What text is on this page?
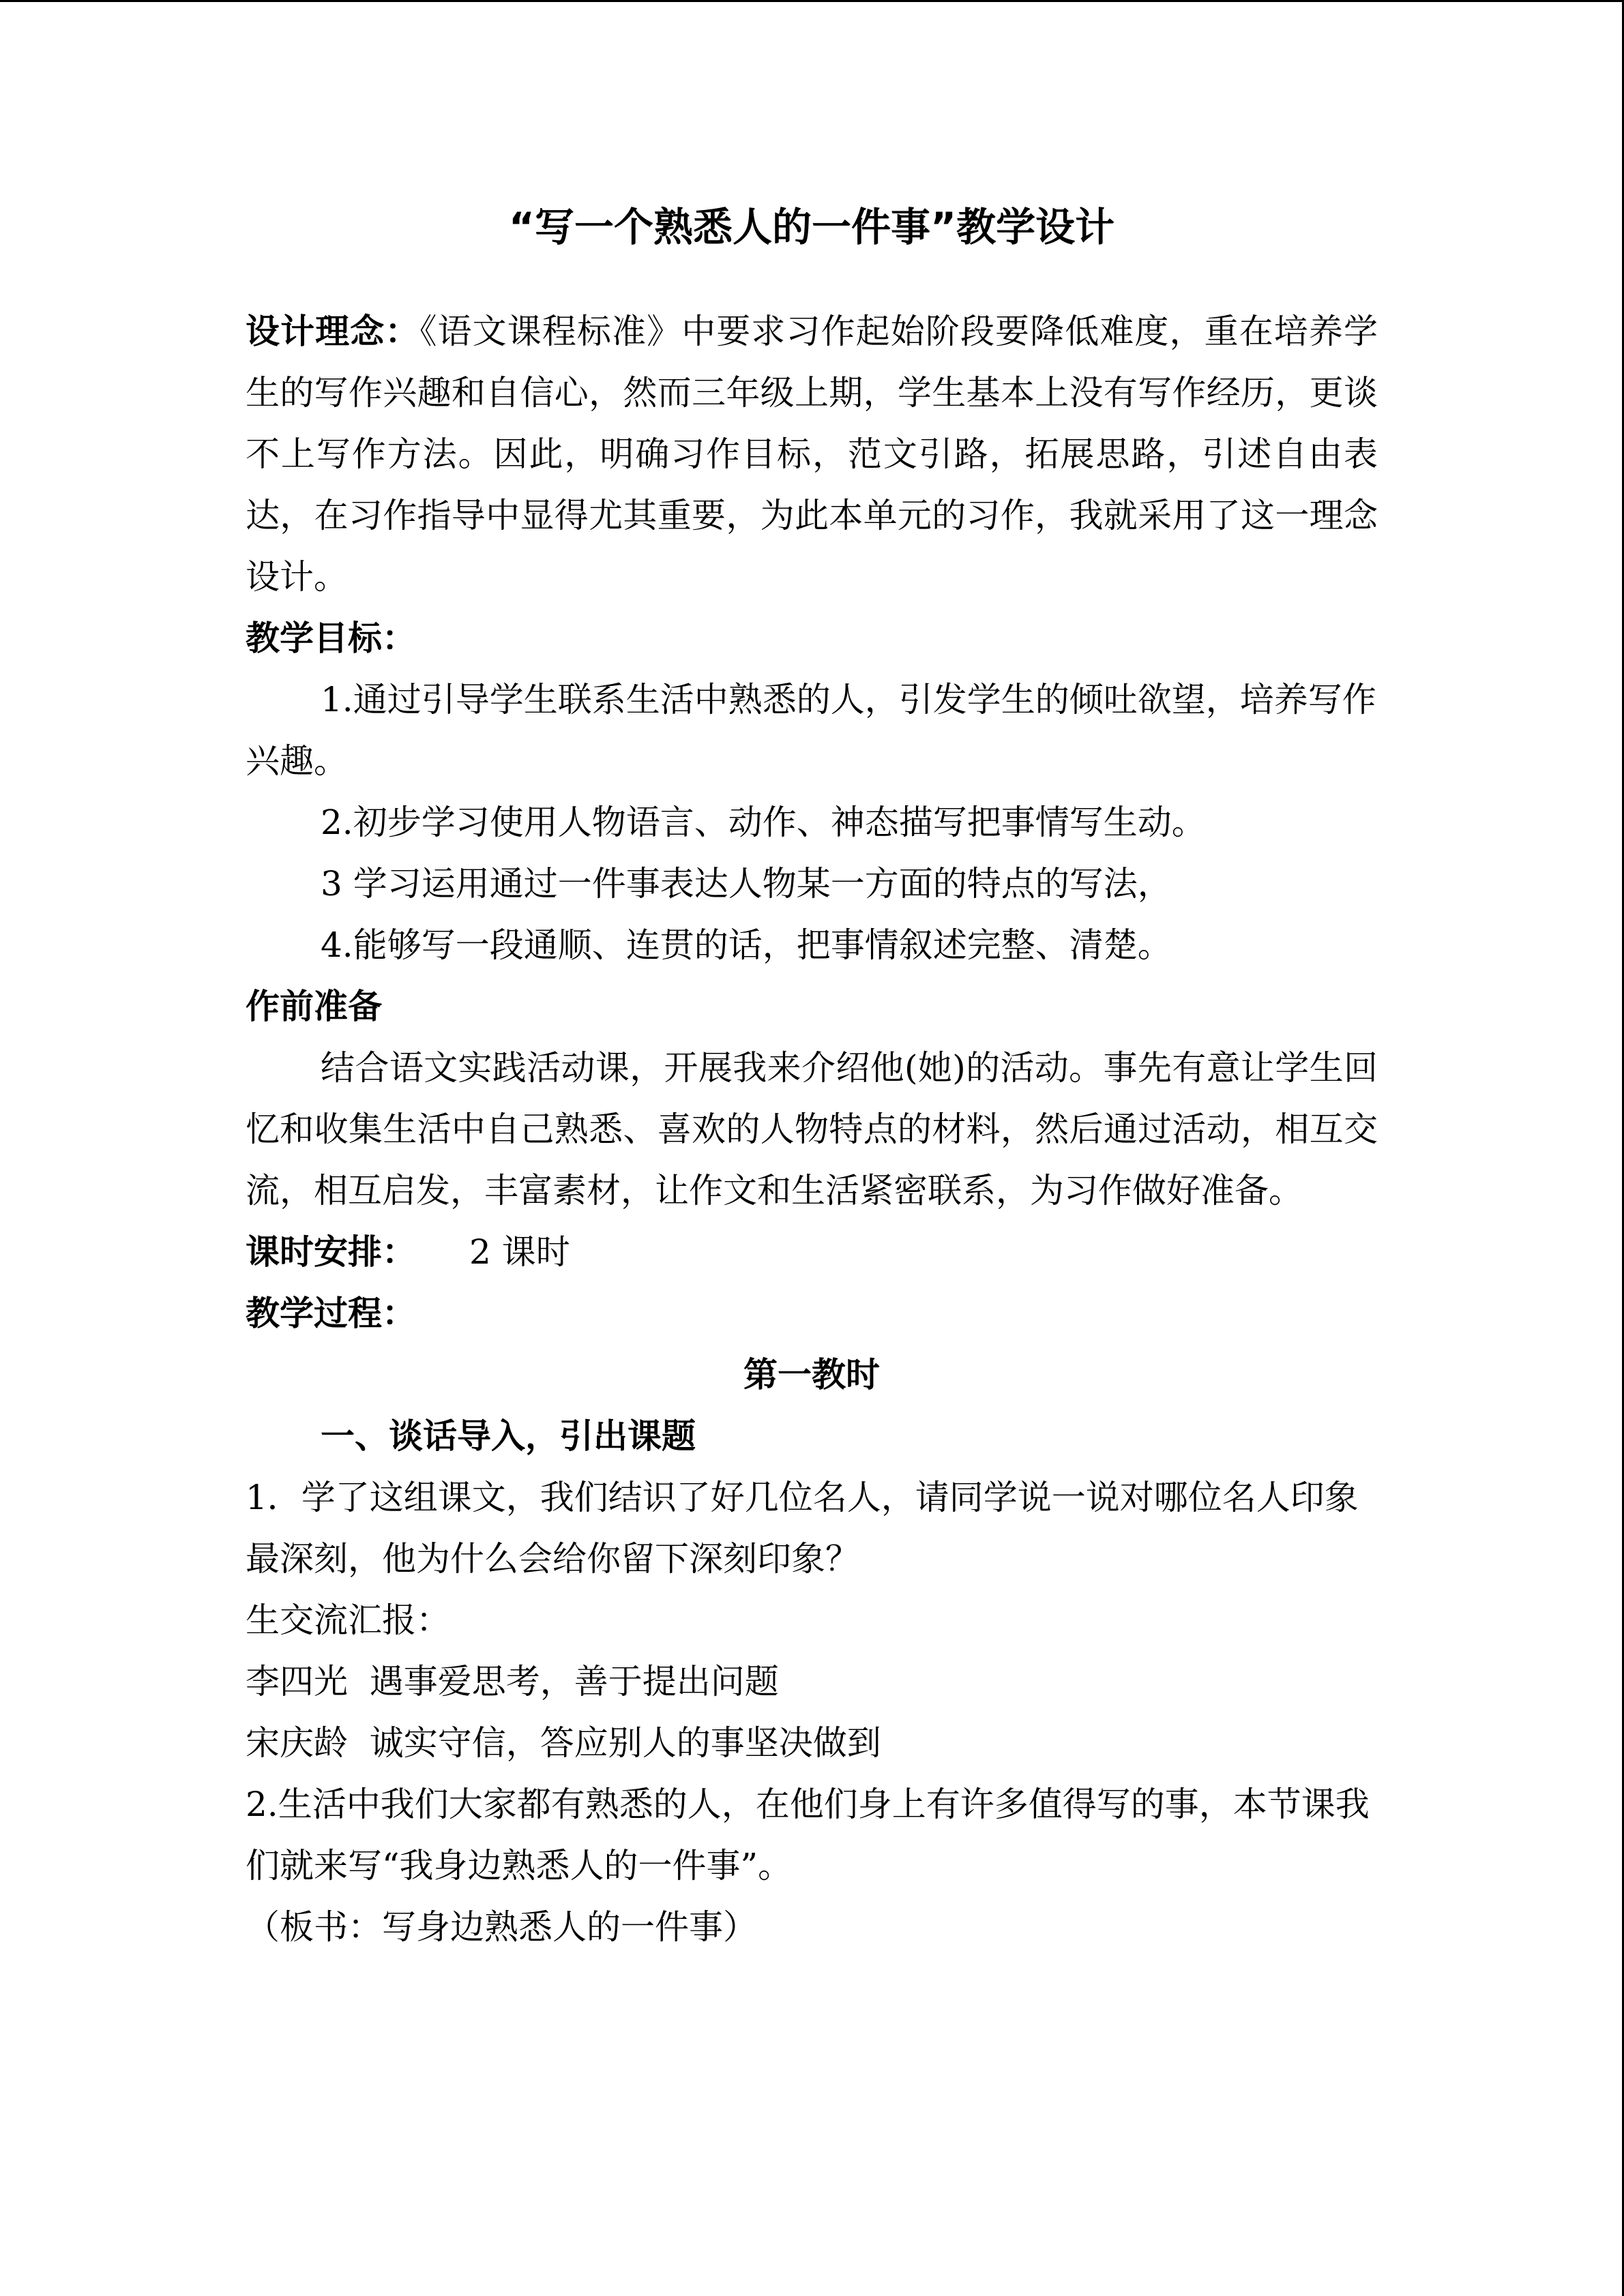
“写一个熟悉人的一件事”教学设计

设计理念：《语文课程标准》中要求习作起始阶段要降低难度，重在培养学生的写作兴趣和自信心，然而三年级上期，学生基本上没有写作经历，更谈不上写作方法。因此，明确习作目标，范文引路，拓展思路，引述自由表达，在习作指导中显得尤其重要，为此本单元的习作，我就采用了这一理念设计。

教学目标：

1.通过引导学生联系生活中熟悉的人，引发学生的倾吐欲望，培养写作兴趣。

2.初步学习使用人物语言、动作、神态描写把事情写生动。

3 学习运用通过一件事表达人物某一方面的特点的写法，

4.能够写一段通顺、连贯的话，把事情叙述完整、清楚。

作前准备

结合语文实践活动课，开展我来介绍他(她)的活动。事先有意让学生回忆和收集生活中自己熟悉、喜欢的人物特点的材料，然后通过活动，相互交流，相互启发，丰富素材，让作文和生活紧密联系，为习作做好准备。

课时安排： 2 课时

教学过程：

第一教时

一、谈话导入，引出课题

1．学了这组课文，我们结识了好几位名人，请同学说一说对哪位名人印象最深刻，他为什么会给你留下深刻印象？

生交流汇报：

李四光  遇事爱思考，善于提出问题

宋庆龄  诚实守信，答应别人的事坚决做到

2.生活中我们大家都有熟悉的人，在他们身上有许多值得写的事，本节课我们就来写“我身边熟悉人的一件事”。

（板书：写身边熟悉人的一件事）
